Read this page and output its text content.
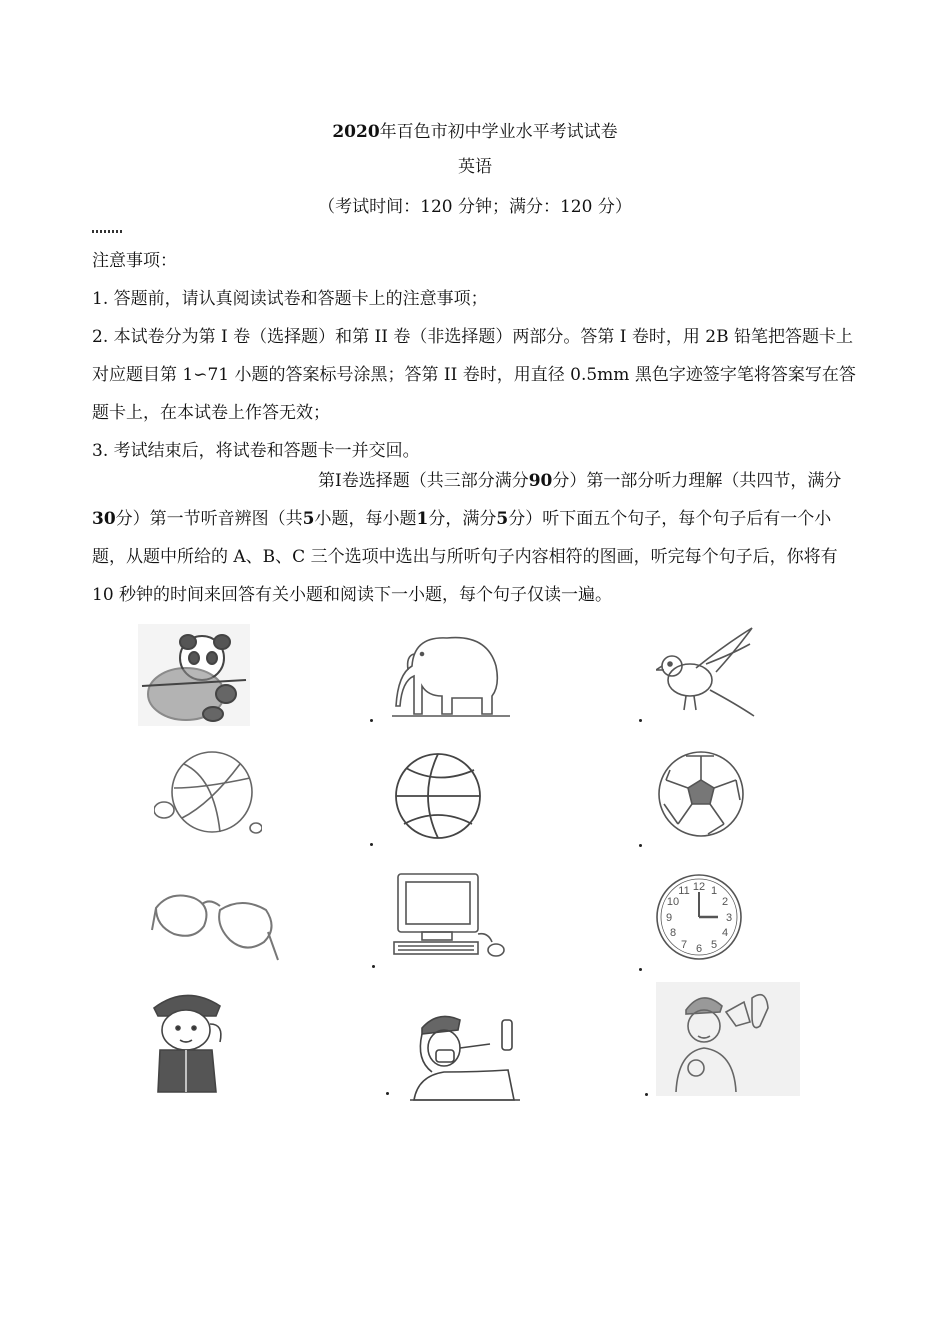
2020年百色市初中学业水平考试试卷
英语
（考试时间：120 分钟；满分：120 分）

注意事项：

1. 答题前，请认真阅读试卷和答题卡上的注意事项；

2. 本试卷分为第 I 卷（选择题）和第 II 卷（非选择题）两部分。答第 I 卷时，用 2B 铅笔把答题卡上对应题目第 1∽71 小题的答案标号涂黑；答第 II 卷时，用直径 0.5mm 黑色字迹签字笔将答案写在答题卡上，在本试卷上作答无效；

3. 考试结束后，将试卷和答题卡一并交回。

第Ⅰ卷选择题（共三部分满分90分）第一部分听力理解（共四节，满分30分）第一节听音辨图（共5小题，每小题1分，满分5分）听下面五个句子，每个句子后有一个小题，从题中所给的 A、B、C 三个选项中选出与所听句子内容相符的图画，听完每个句子后，你将有 10 秒钟的时间来回答有关小题和阅读下一小题，每个句子仅读一遍。
12 1
2
3
4
5
6
7
8
9
10
11
